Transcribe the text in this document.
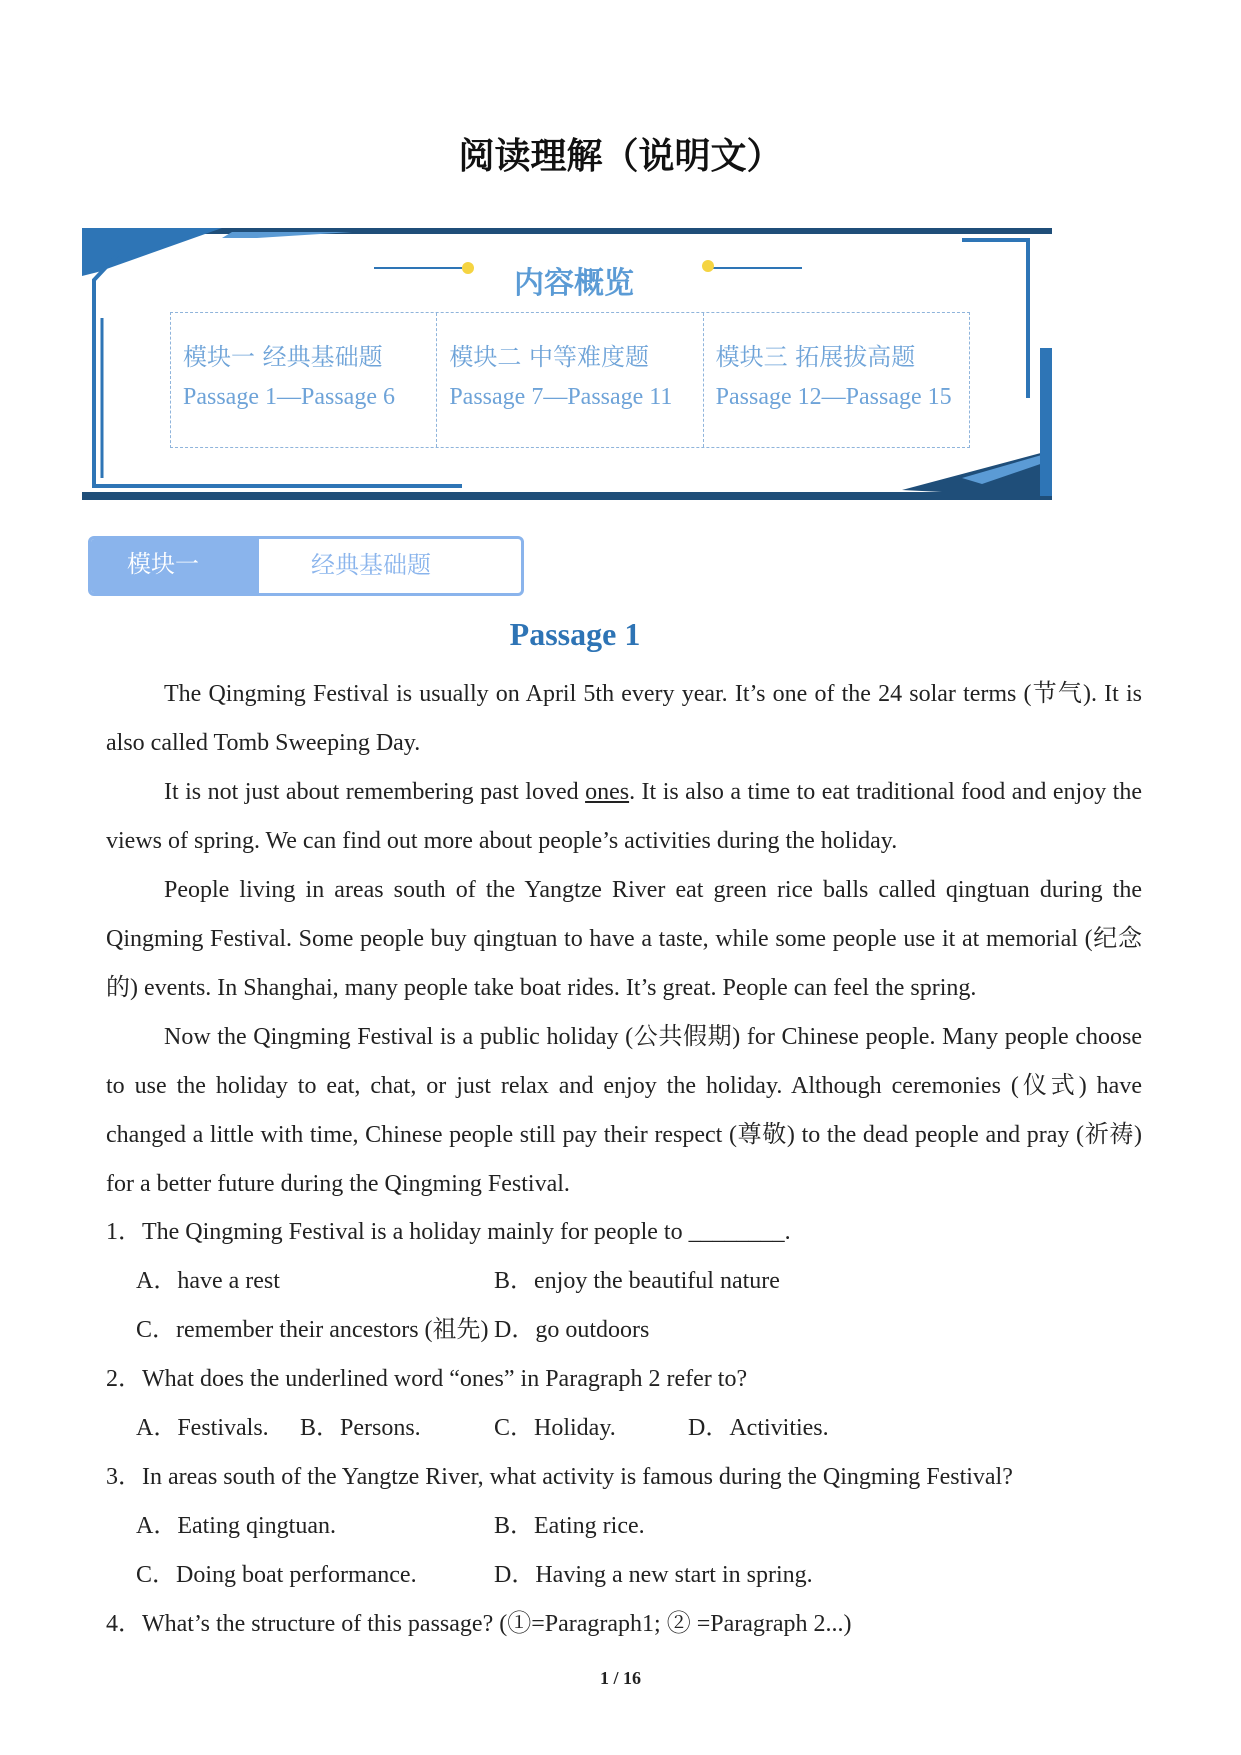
阅读理解（说明文）
内容概览
模块一 经典基础题
Passage 1—Passage 6
模块二 中等难度题
Passage 7—Passage 11
模块三 拓展拔高题
Passage 12—Passage 15
模块一	经典基础题
Passage 1

The Qingming Festival is usually on April 5th every year. It’s one of the 24 solar terms (节气). It is also called Tomb Sweeping Day.

It is not just about remembering past loved ones. It is also a time to eat traditional food and enjoy the views of spring. We can find out more about people’s activities during the holiday.

People living in areas south of the Yangtze River eat green rice balls called qingtuan during the Qingming Festival. Some people buy qingtuan to have a taste, while some people use it at memorial (纪念的) events. In Shanghai, many people take boat rides. It’s great. People can feel the spring.

Now the Qingming Festival is a public holiday (公共假期) for Chinese people. Many people choose to use the holiday to eat, chat, or just relax and enjoy the holiday. Although ceremonies (仪式) have changed a little with time, Chinese people still pay their respect (尊敬) to the dead people and pray (祈祷) for a better future during the Qingming Festival.

1．The Qingming Festival is a holiday mainly for people to ________.
A．have a rest	B．enjoy the beautiful nature
C．remember their ancestors (祖先) D．go outdoors
2．What does the underlined word “ones” in Paragraph 2 refer to?
A．Festivals. B．Persons.	C．Holiday.	D．Activities.
3．In areas south of the Yangtze River, what activity is famous during the Qingming Festival?
A．Eating qingtuan.	B．Eating rice.
C．Doing boat performance.	D．Having a new start in spring.
4．What’s the structure of this passage? (①=Paragraph1; ② =Paragraph 2...)
1 / 16
